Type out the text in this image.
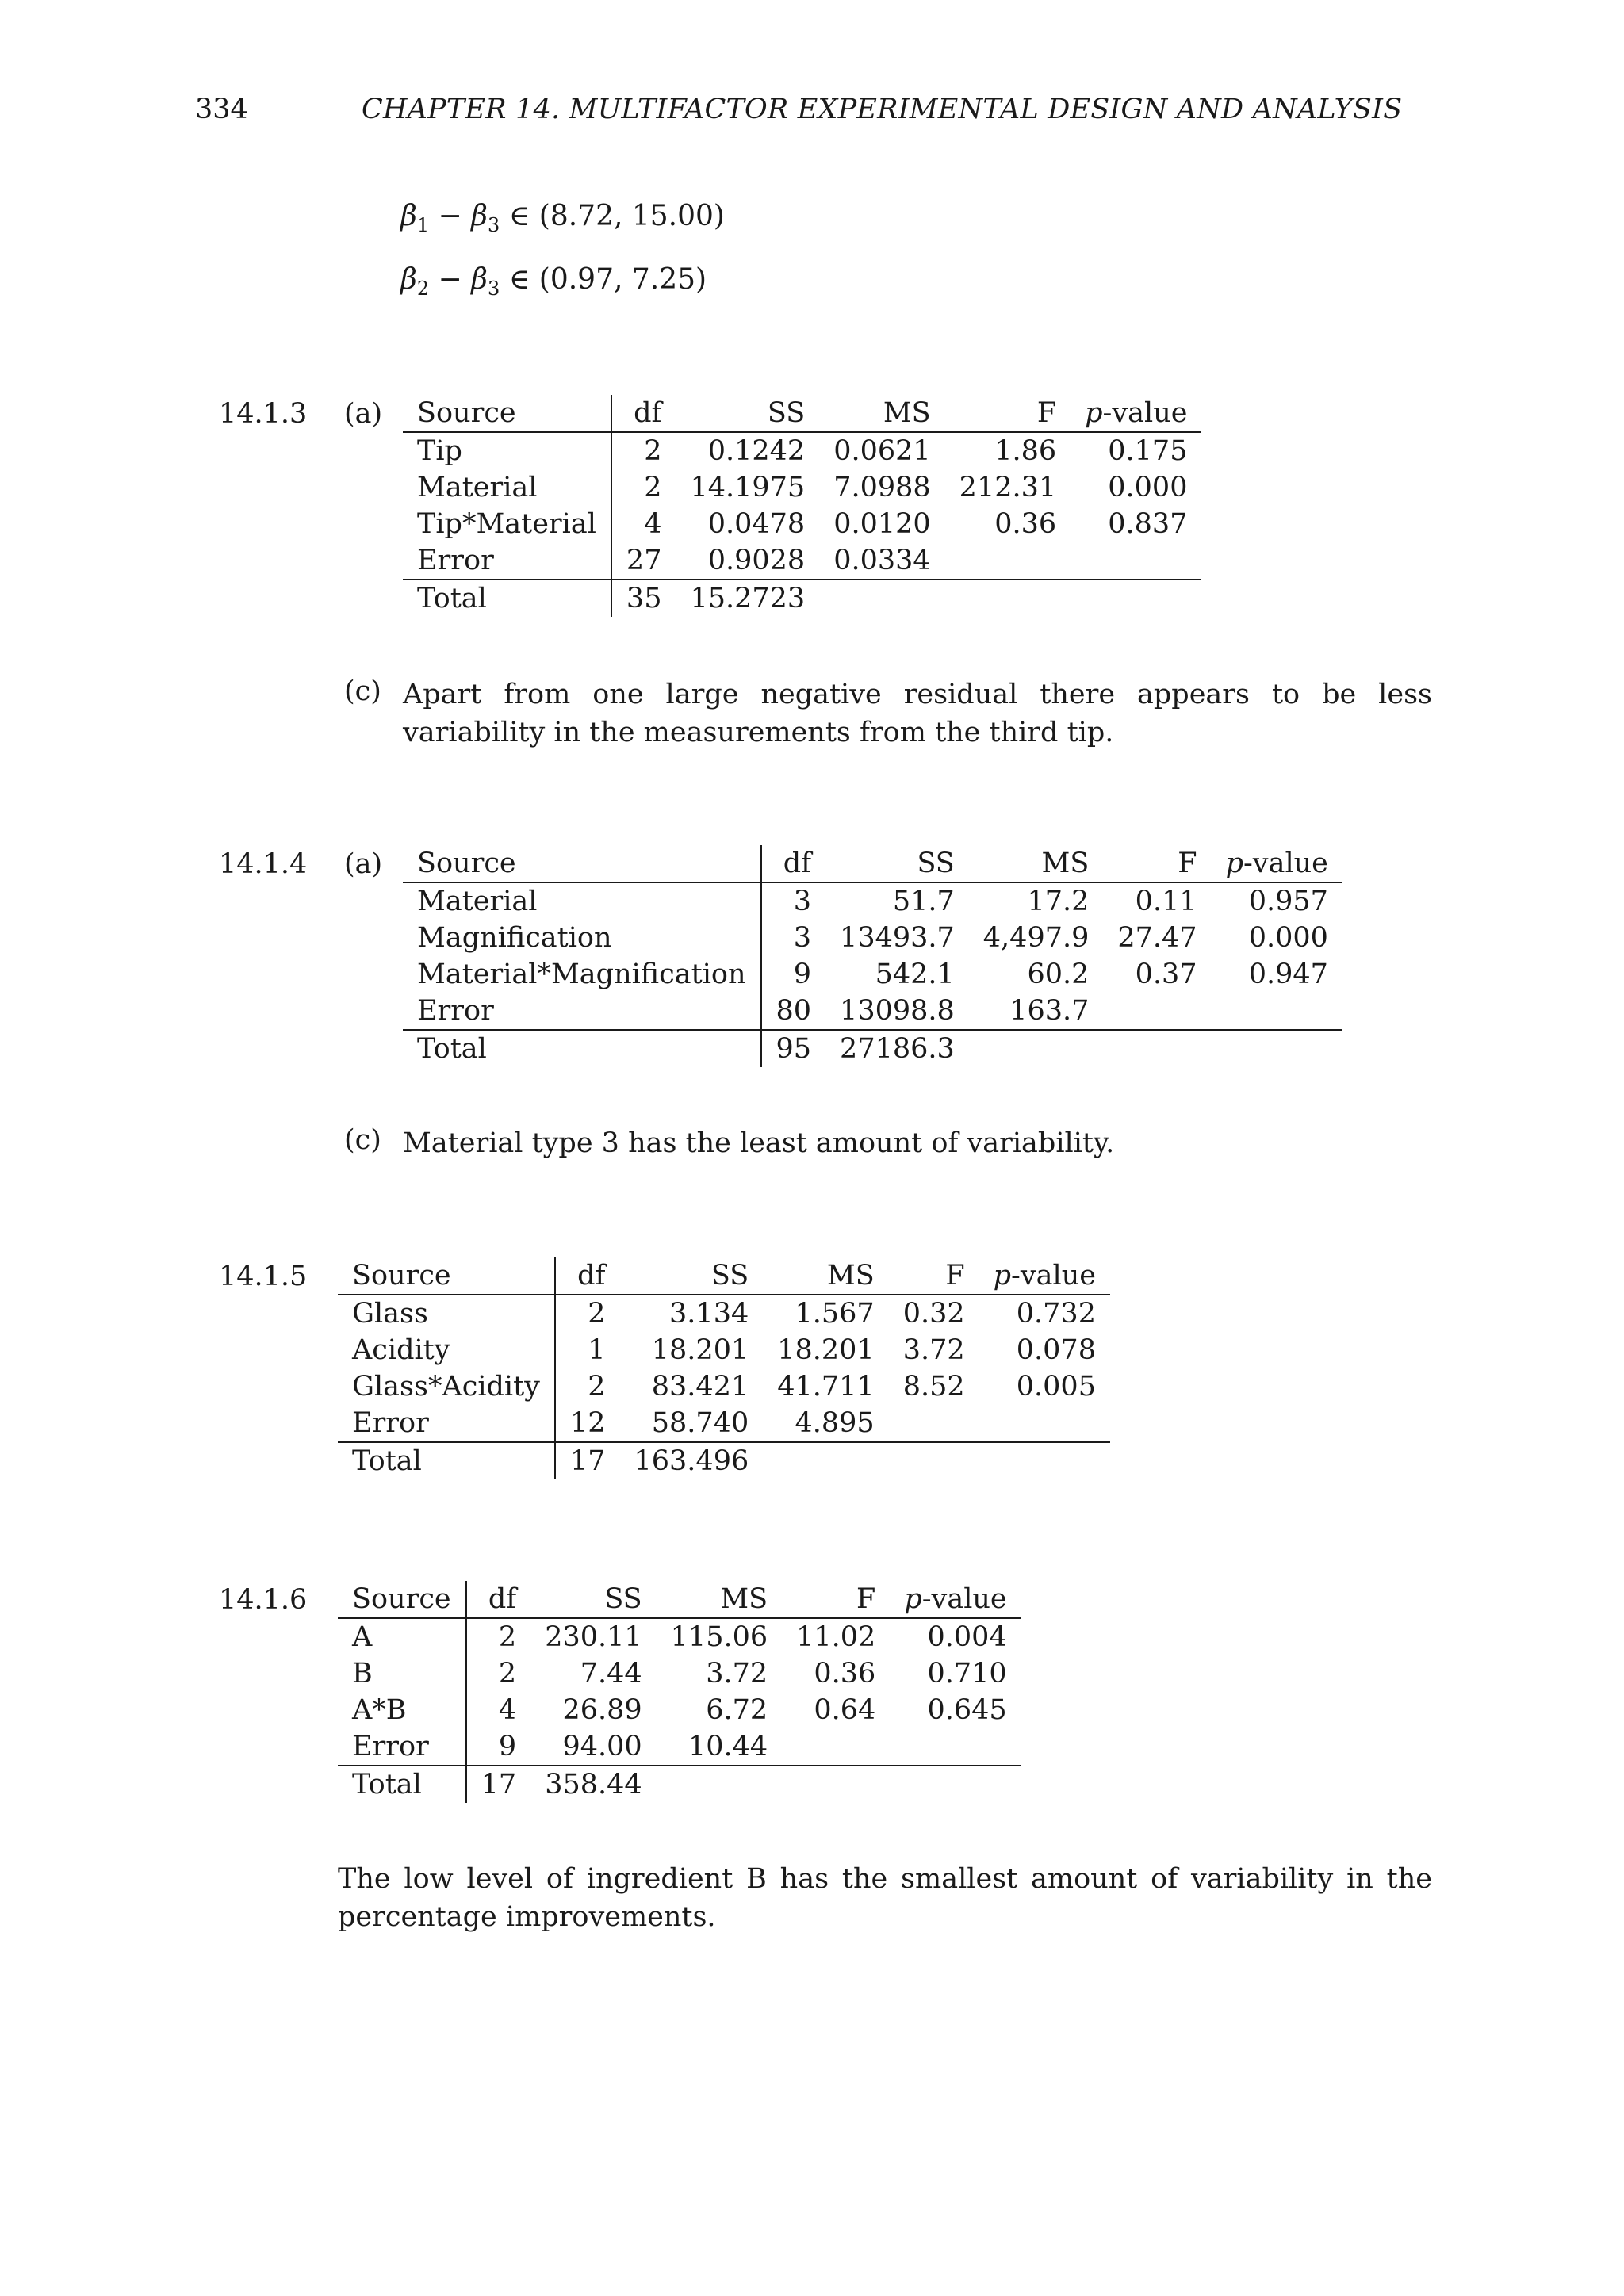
334	CHAPTER 14. MULTIFACTOR EXPERIMENTAL DESIGN AND ANALYSIS
$\beta_1 - \beta_3$ ∈ (8.72, 15.00)
$\beta_2 - \beta_3$ ∈ (0.97, 7.25)
14.1.3 (a) Source	df	SS	MS	F	p-value
Tip	2	0.1242	0.0621	1.86	0.175
Material	2	14.1975	7.0988	212.31	0.000
Tip*Material	4	0.0478	0.0120	0.36	0.837
Error	27	0.9028	0.0334		
Total	35	15.2723			
(c) Apart from one large negative residual there appears to be less variability in the measurements from the third tip.
14.1.4 (a) Source	df	SS	MS	F	p-value
Material	3	51.7	17.2	0.11	0.957
Magnification	3	13493.7	4,497.9	27.47	0.000
Material*Magnification	9	542.1	60.2	0.37	0.947
Error	80	13098.8	163.7		
Total	95	27186.3			
(c) Material type 3 has the least amount of variability.
14.1.5 Source	df	SS	MS	F	p-value
Glass	2	3.134	1.567	0.32	0.732
Acidity	1	18.201	18.201	3.72	0.078
Glass*Acidity	2	83.421	41.711	8.52	0.005
Error	12	58.740	4.895		
Total	17	163.496			
14.1.6 Source	df	SS	MS	F	p-value
A	2	230.11	115.06	11.02	0.004
B	2	7.44	3.72	0.36	0.710
A*B	4	26.89	6.72	0.64	0.645
Error	9	94.00	10.44		
Total	17	358.44			
The low level of ingredient B has the smallest amount of variability in the percentage improvements.
